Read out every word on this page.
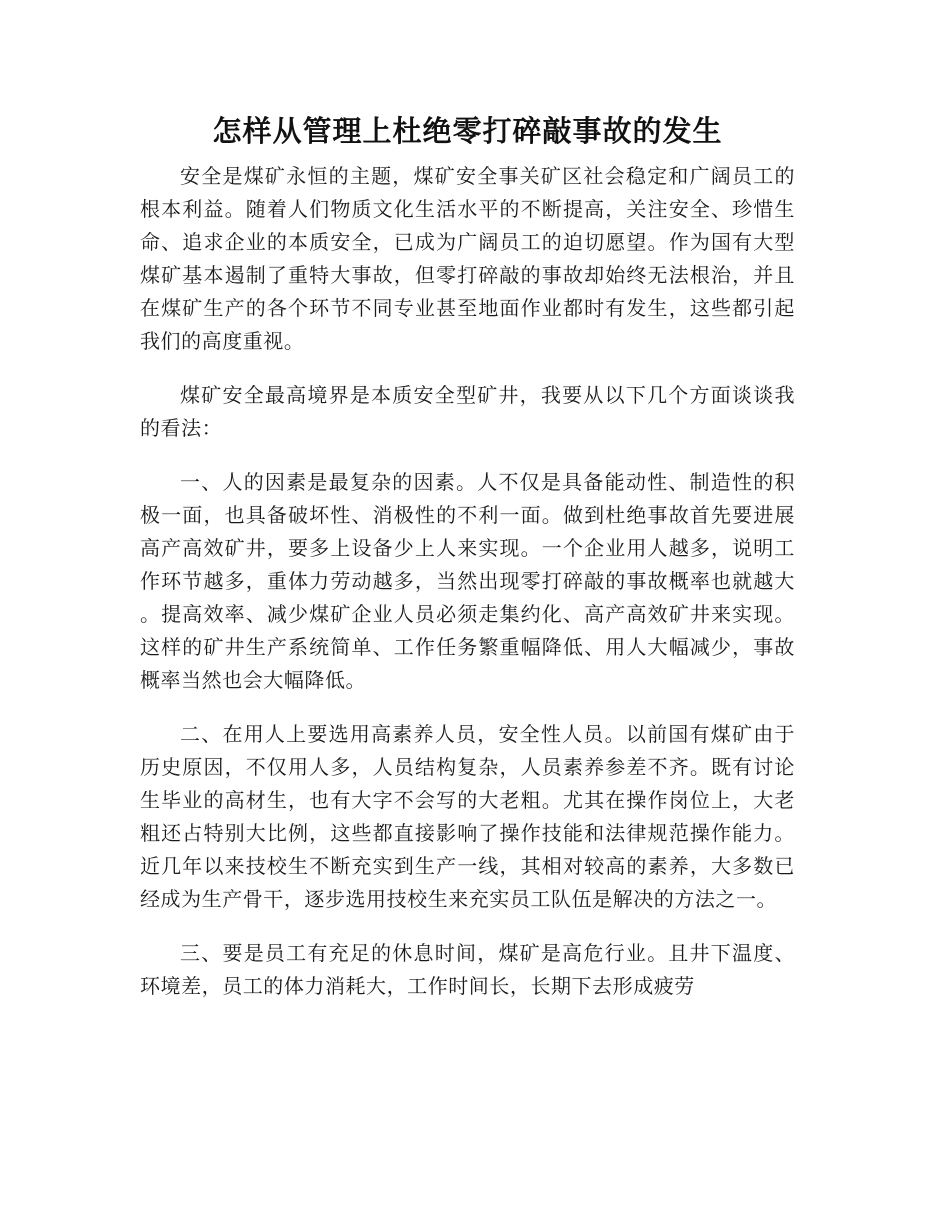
怎样从管理上杜绝零打碎敲事故的发生

安全是煤矿永恒的主题，煤矿安全事关矿区社会稳定和广阔员工的根本利益。随着人们物质文化生活水平的不断提高，关注安全、珍惜生命、追求企业的本质安全，已成为广阔员工的迫切愿望。作为国有大型煤矿基本遏制了重特大事故，但零打碎敲的事故却始终无法根治，并且在煤矿生产的各个环节不同专业甚至地面作业都时有发生，这些都引起我们的高度重视。

煤矿安全最高境界是本质安全型矿井，我要从以下几个方面谈谈我的看法：

一、人的因素是最复杂的因素。人不仅是具备能动性、制造性的积极一面，也具备破坏性、消极性的不利一面。做到杜绝事故首先要进展高产高效矿井，要多上设备少上人来实现。一个企业用人越多，说明工作环节越多，重体力劳动越多，当然出现零打碎敲的事故概率也就越大。提高效率、减少煤矿企业人员必须走集约化、高产高效矿井来实现。这样的矿井生产系统简单、工作任务繁重幅降低、用人大幅减少，事故概率当然也会大幅降低。

二、在用人上要选用高素养人员，安全性人员。以前国有煤矿由于历史原因，不仅用人多，人员结构复杂，人员素养参差不齐。既有讨论生毕业的高材生，也有大字不会写的大老粗。尤其在操作岗位上，大老粗还占特别大比例，这些都直接影响了操作技能和法律规范操作能力。近几年以来技校生不断充实到生产一线，其相对较高的素养，大多数已经成为生产骨干，逐步选用技校生来充实员工队伍是解决的方法之一。

三、要是员工有充足的休息时间，煤矿是高危行业。且井下温度、环境差，员工的体力消耗大，工作时间长，长期下去形成疲劳
